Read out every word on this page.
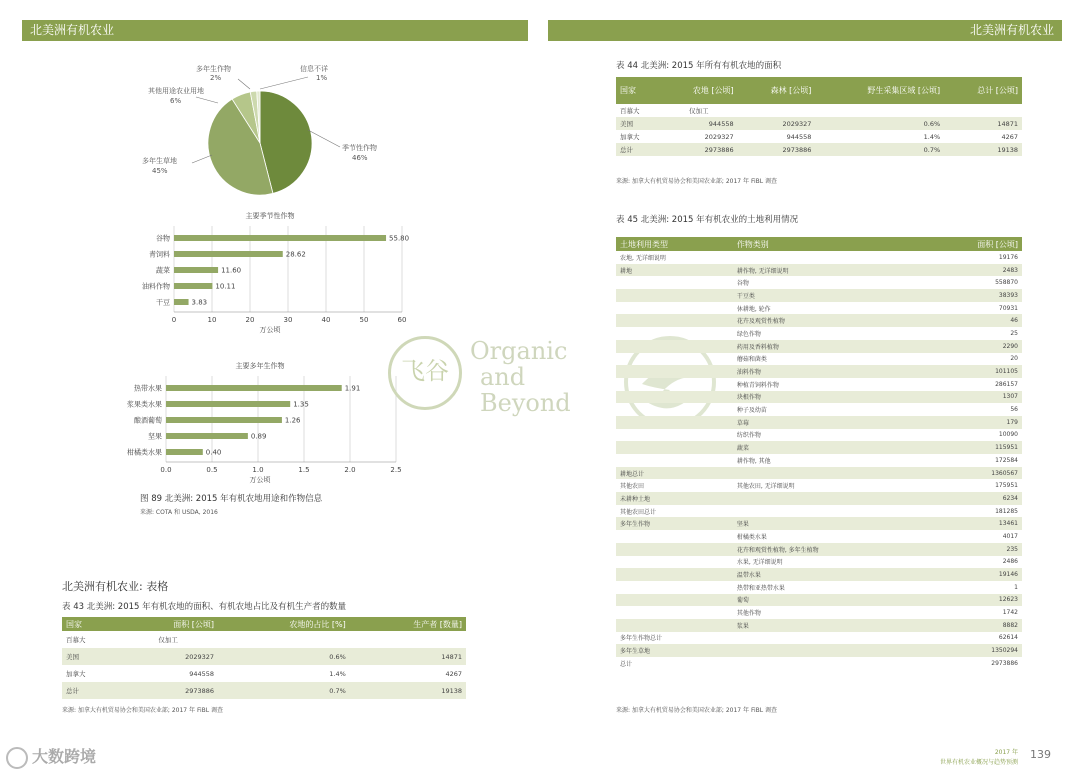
北美洲有机农业	北美洲有机农业
季节性作物
46%
多年生草地
45%
其他用途农业用地
6%
多年生作物
2%
信息不详
1%
主要季节性作物
0	10	20	30	40	50	60
谷物	55.80
青饲料	28.62
蔬菜	11.60
油料作物	10.11
干豆	3.83
万公顷
主要多年生作物
0.0	0.5	1.0	1.5	2.0	2.5
热带水果	1.91
浆果类水果	1.35
酿酒葡萄	1.26
坚果	0.89
柑橘类水果	0.40
万公顷
图 89 北美洲: 2015 年有机农地用途和作物信息
来源: COTA 和 USDA, 2016
飞谷
Organic
and
Beyond
北美洲有机农业: 表格
表 43 北美洲: 2015 年有机农地的面积、有机农地占比及有机生产者的数量
国家	面积 [公顷]	农地的占比 [%]	生产者 [数量]
百慕大	仅加工		
美国	2029327	0.6%	14871
加拿大	944558	1.4%	4267
总计	2973886	0.7%	19138
来源: 加拿大有机贸易协会和美国农业部; 2017 年 FiBL 调查
表 44 北美洲: 2015 年所有有机农地的面积
国家	农地 [公顷]	森林 [公顷]	野生采集区域 [公顷]	总计 [公顷]
百慕大	仅加工			
美国	944558	2029327	0.6%	14871
加拿大	2029327	944558	1.4%	4267
总计	2973886	2973886	0.7%	19138
来源: 加拿大有机贸易协会和美国农业部; 2017 年 FiBL 调查
表 45 北美洲: 2015 年有机农业的土地利用情况
土地利用类型	作物类别	面积 [公顷]
农地, 无详细说明		19176
耕地	耕作物, 无详细说明	2483
	谷物	558870
	干豆类	38393
	休耕地, 轮作	70931
	花卉及观赏性植物	46
	绿色作物	25
	药用及香料植物	2290
	蘑菇和菌类	20
	油料作物	101105
	种植青饲料作物	286157
	块根作物	1307
	种子及幼苗	56
	草莓	179
	纺织作物	10090
	蔬菜	115951
	耕作物, 其他	172584
耕地总计		1360567
其他农田	其他农田, 无详细说明	175951
未耕种土地		6234
其他农田总计		181285
多年生作物	坚果	13461
	柑橘类水果	4017
	花卉和观赏性植物, 多年生植物	235
	水果, 无详细说明	2486
	温带水果	19146
	热带和亚热带水果	1
	葡萄	12623
	其他作物	1742
	浆果	8882
多年生作物总计		62614
多年生草地		1350294
总计		2973886
来源: 加拿大有机贸易协会和美国农业部; 2017 年 FiBL 调查
大数跨境	2017 年
世界有机农业概况与趋势预测
139
